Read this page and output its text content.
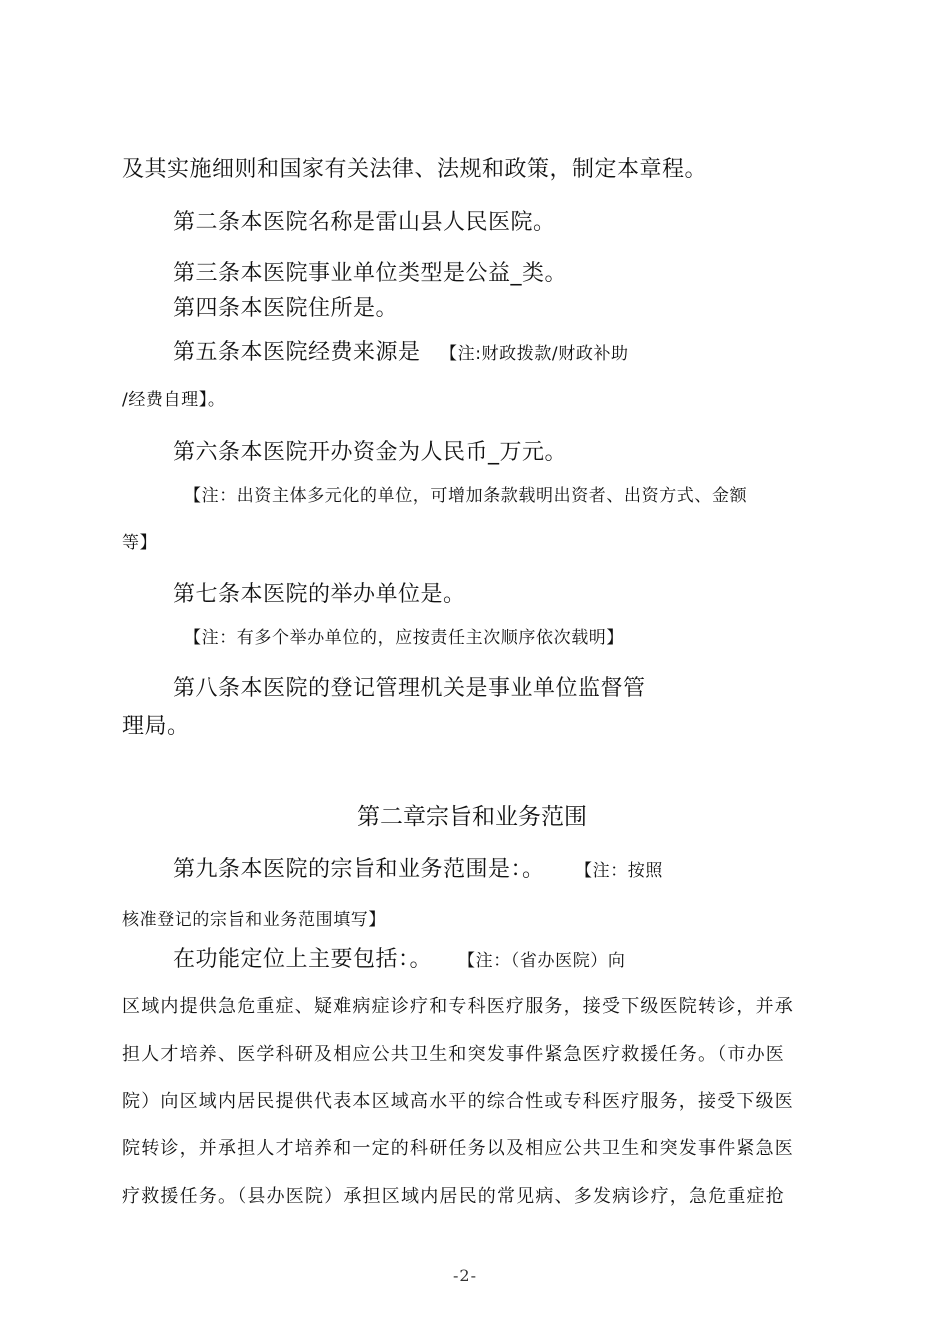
及其实施细则和国家有关法律、法规和政策，制定本章程。
第二条本医院名称是雷山县人民医院。
第三条本医院事业单位类型是公益_类。
第四条本医院住所是。
第五条本医院经费来源是 【注:财政拨款/财政补助
/经费自理】。
第六条本医院开办资金为人民币_万元。
【注：出资主体多元化的单位，可增加条款载明出资者、出资方式、金额
等】
第七条本医院的举办单位是。
【注：有多个举办单位的，应按责任主次顺序依次载明】
第八条本医院的登记管理机关是事业单位监督管
理局。
第二章宗旨和业务范围
第九条本医院的宗旨和业务范围是：。 【注：按照
核准登记的宗旨和业务范围填写】
在功能定位上主要包括：。 【注：（省办医院）向
区域内提供急危重症、疑难病症诊疗和专科医疗服务，接受下级医院转诊，并承
担人才培养、医学科研及相应公共卫生和突发事件紧急医疗救援任务。（市办医
院）向区域内居民提供代表本区域高水平的综合性或专科医疗服务，接受下级医
院转诊，并承担人才培养和一定的科研任务以及相应公共卫生和突发事件紧急医
疗救援任务。（县办医院）承担区域内居民的常见病、多发病诊疗，急危重症抢
-2-
